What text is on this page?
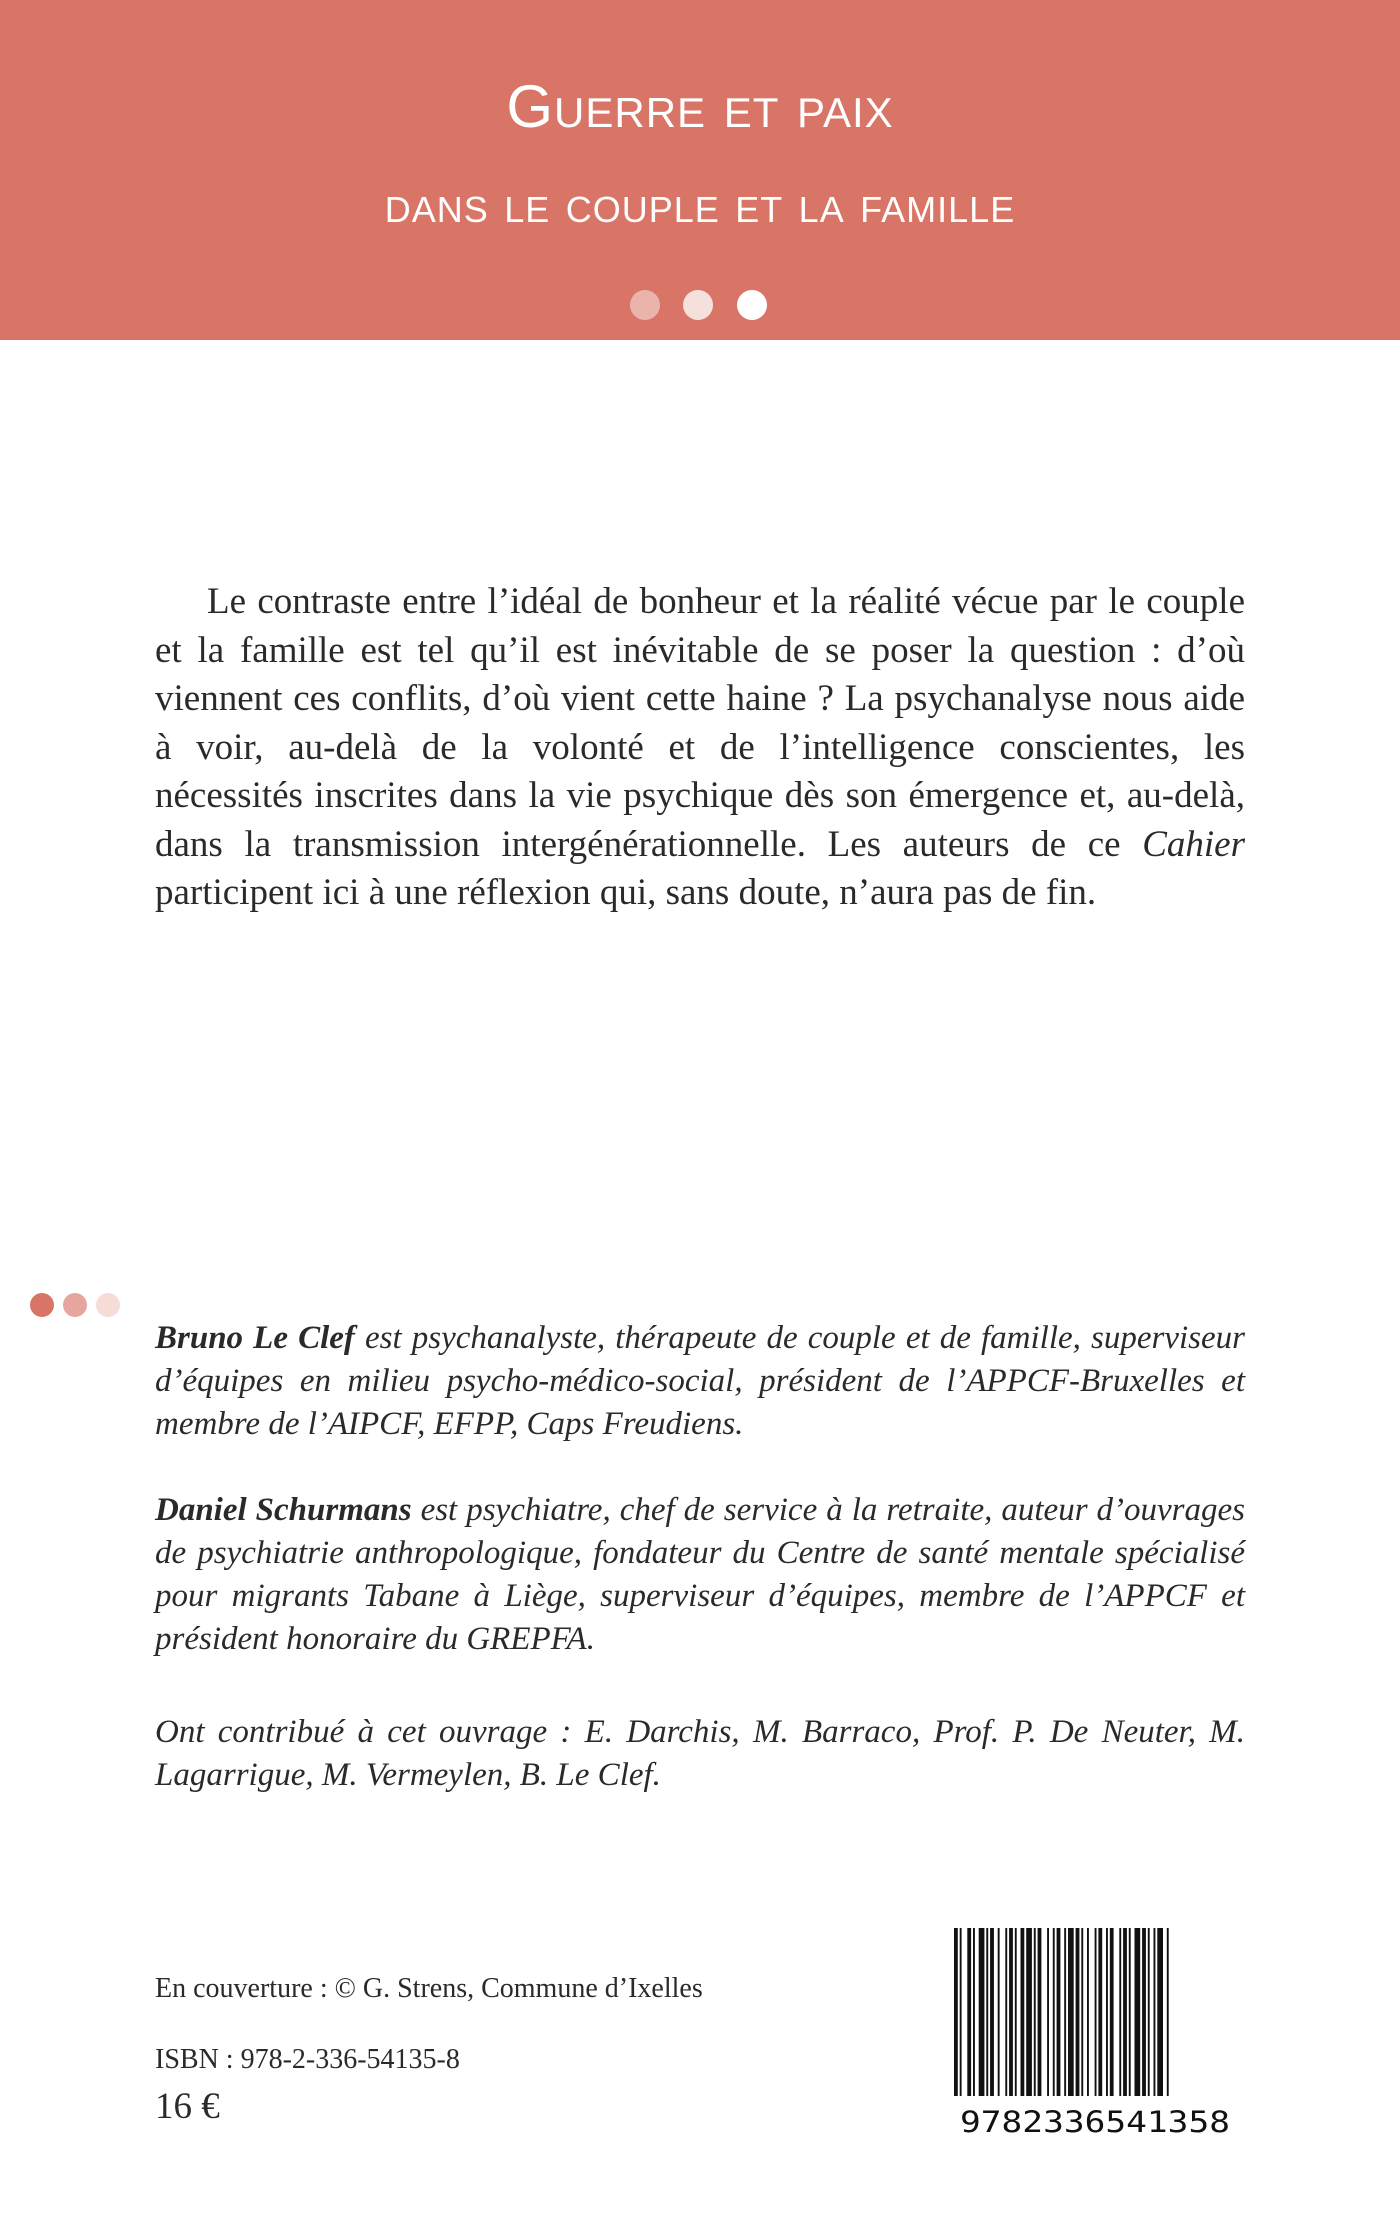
Guerre et paix
dans le couple et la famille

Le contraste entre l’idéal de bonheur et la réalité vécue par le couple et la famille est tel qu’il est inévitable de se poser la question : d’où viennent ces conflits, d’où vient cette haine ? La psychanalyse nous aide à voir, au-delà de la volonté et de l’intelligence conscientes, les nécessités inscrites dans la vie psychique dès son émergence et, au-delà, dans la transmission intergénérationnelle. Les auteurs de ce Cahier participent ici à une réflexion qui, sans doute, n’aura pas de fin.

Bruno Le Clef est psychanalyste, thérapeute de couple et de famille, superviseur d’équipes en milieu psycho-médico-social, président de l’APPCF-Bruxelles et membre de l’AIPCF, EFPP, Caps Freudiens.

Daniel Schurmans est psychiatre, chef de service à la retraite, auteur d’ouvrages de psychiatrie anthropologique, fondateur du Centre de santé mentale spécialisé pour migrants Tabane à Liège, superviseur d’équipes, membre de l’APPCF et président honoraire du GREPFA.

Ont contribué à cet ouvrage : E. Darchis, M. Barraco, Prof. P. De Neuter, M. Lagarrigue, M. Vermeylen, B. Le Clef.

En couverture : © G. Strens, Commune d’Ixelles
ISBN : 978-2-336-54135-8
16 €	9782336541358
